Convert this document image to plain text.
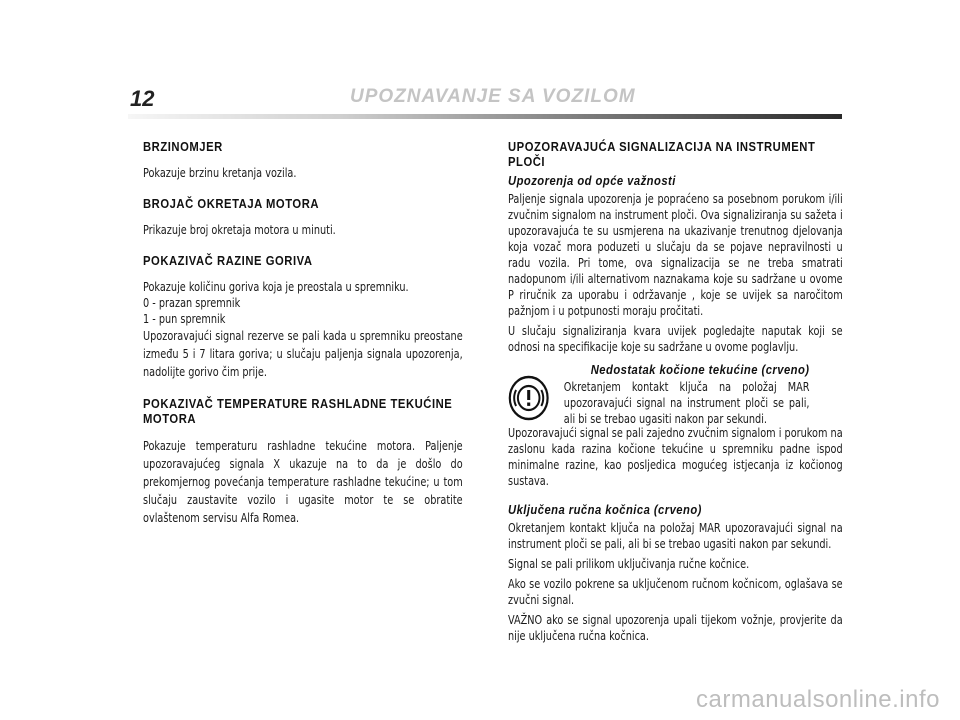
12	UPOZNAVANJE SA VOZILOM
BRZINOMJER

Pokazuje brzinu kretanja vozila.

BROJAČ OKRETAJA MOTORA

Prikazuje broj okretaja motora u minuti.

POKAZIVAČ RAZINE GORIVA

Pokazuje količinu goriva koja je preostala u spremniku.

0 - prazan spremnik

1 - pun spremnik

Upozoravajući signal rezerve se pali kada u spremniku preostane između 5 i 7 litara goriva; u slučaju paljenja signala upozorenja, nadolijte gorivo čim prije.

POKAZIVAČ TEMPERATURE RASHLADNE TEKUĆINE MOTORA

Pokazuje temperaturu rashladne tekućine motora. Paljenje upozoravajućeg signala X ukazuje na to da je došlo do prekomjernog povećanja temperature rashladne tekućine; u tom slučaju zaustavite vozilo i ugasite motor te se obratite ovlaštenom servisu Alfa Romea.

UPOZORAVAJUĆA SIGNALIZACIJA NA INSTRUMENT PLOČI
Upozorenja od opće važnosti

Paljenje signala upozorenja je popraćeno sa posebnom porukom i/ili zvučnim signalom na instrument ploči. Ova signaliziranja su sažeta i upozoravajuća te su usmjerena na ukazivanje trenutnog djelovanja koja vozač mora poduzeti u slučaju da se pojave nepravilnosti u radu vozila. Pri tome, ova signalizacija se ne treba smatrati nadopunom i/ili alternativom naznakama koje su sadržane u ovome P riručnik za uporabu i održavanje , koje se uvijek sa naročitom pažnjom i u potpunosti moraju pročitati.

U slučaju signaliziranja kvara uvijek pogledajte naputak koji se odnosi na specifikacije koje su sadržane u ovome poglavlju.

Nedostatak kočione tekućine (crveno)

Okretanjem kontakt ključa na položaj MAR upozoravajući signal na instrument ploči se pali, ali bi se trebao ugasiti nakon par sekundi.

Upozoravajući signal se pali zajedno zvučnim signalom i porukom na zaslonu kada razina kočione tekućine u spremniku padne ispod minimalne razine, kao posljedica mogućeg istjecanja iz kočionog sustava.

Uključena ručna kočnica (crveno)

Okretanjem kontakt ključa na položaj MAR upozoravajući signal na instrument ploči se pali, ali bi se trebao ugasiti nakon par sekundi.

Signal se pali prilikom uključivanja ručne kočnice.

Ako se vozilo pokrene sa uključenom ručnom kočnicom, oglašava se zvučni signal.

VAŽNO ako se signal upozorenja upali tijekom vožnje, provjerite da nije uključena ručna kočnica.

carmanualsonline.info
